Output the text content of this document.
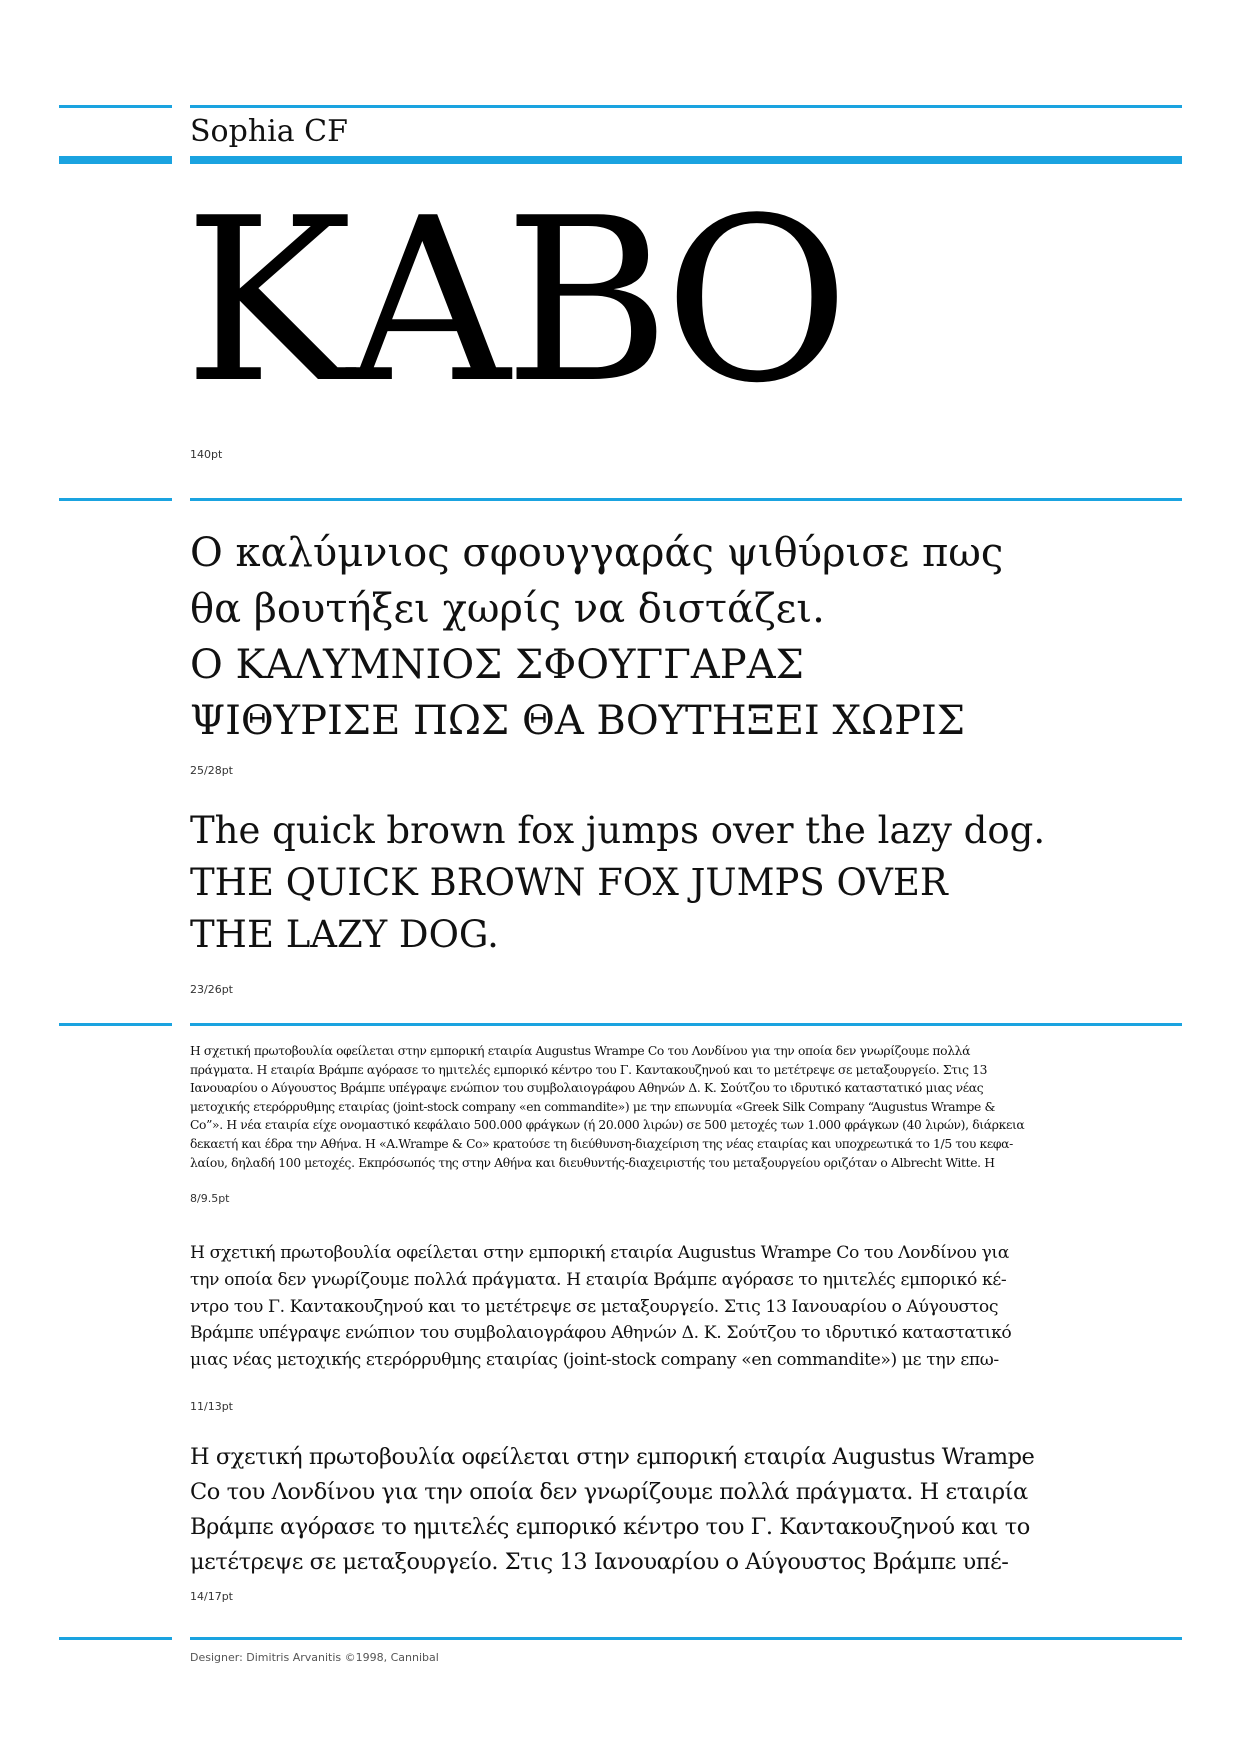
Sophia CF
ΚΑΒΟ
140pt

Ο καλύμνιος σφουγγαράς ψιθύρισε πως

θα βουτήξει χωρίς να διστάζει.

Ο ΚΑΛΥΜΝΙΟΣ ΣΦΟΥΓΓΑΡΑΣ

ΨΙΘΥΡΙΣΕ ΠΩΣ ΘΑ ΒΟΥΤΗΞΕΙ ΧΩΡΙΣ

25/28pt

The quick brown fox jumps over the lazy dog.

THE QUICK BROWN FOX JUMPS OVER

THE LAZY DOG.

23/26pt

Η σχετική πρωτοβουλία οφείλεται στην εμπορική εταιρία Augustus Wrampe Co του Λονδίνου για την οποία δεν γνωρίζουμε πολλά

πράγματα. Η εταιρία Βράμπε αγόρασε το ημιτελές εμπορικό κέντρο του Γ. Καντακουζηνού και το μετέτρεψε σε μεταξουργείο. Στις 13

Ιανουαρίου ο Αύγουστος Βράμπε υπέγραψε ενώπιον του συμβολαιογράφου Αθηνών Δ. Κ. Σούτζου το ιδρυτικό καταστατικό μιας νέας

μετοχικής ετερόρρυθμης εταιρίας (joint-stock company «en commandite») με την επωνυμία «Greek Silk Company “Augustus Wrampe &

Co”». Η νέα εταιρία είχε ονομαστικό κεφάλαιο 500.000 φράγκων (ή 20.000 λιρών) σε 500 μετοχές των 1.000 φράγκων (40 λιρών), διάρκεια

δεκαετή και έδρα την Αθήνα. Η «A.Wrampe & Co» κρατούσε τη διεύθυνση-διαχείριση της νέας εταιρίας και υποχρεωτικά το 1/5 του κεφα-

λαίου, δηλαδή 100 μετοχές. Εκπρόσωπός της στην Αθήνα και διευθυντής-διαχειριστής του μεταξουργείου οριζόταν ο Albrecht Witte. Η

8/9.5pt

Η σχετική πρωτοβουλία οφείλεται στην εμπορική εταιρία Augustus Wrampe Co του Λονδίνου για

την οποία δεν γνωρίζουμε πολλά πράγματα. Η εταιρία Βράμπε αγόρασε το ημιτελές εμπορικό κέ-

ντρο του Γ. Καντακουζηνού και το μετέτρεψε σε μεταξουργείο. Στις 13 Ιανουαρίου ο Αύγουστος

Βράμπε υπέγραψε ενώπιον του συμβολαιογράφου Αθηνών Δ. Κ. Σούτζου το ιδρυτικό καταστατικό

μιας νέας μετοχικής ετερόρρυθμης εταιρίας (joint-stock company «en commandite») με την επω-

11/13pt

Η σχετική πρωτοβουλία οφείλεται στην εμπορική εταιρία Augustus Wrampe

Co του Λονδίνου για την οποία δεν γνωρίζουμε πολλά πράγματα. Η εταιρία

Βράμπε αγόρασε το ημιτελές εμπορικό κέντρο του Γ. Καντακουζηνού και το

μετέτρεψε σε μεταξουργείο. Στις 13 Ιανουαρίου ο Αύγουστος Βράμπε υπέ-

14/17pt
Designer: Dimitris Arvanitis ©1998, Cannibal
